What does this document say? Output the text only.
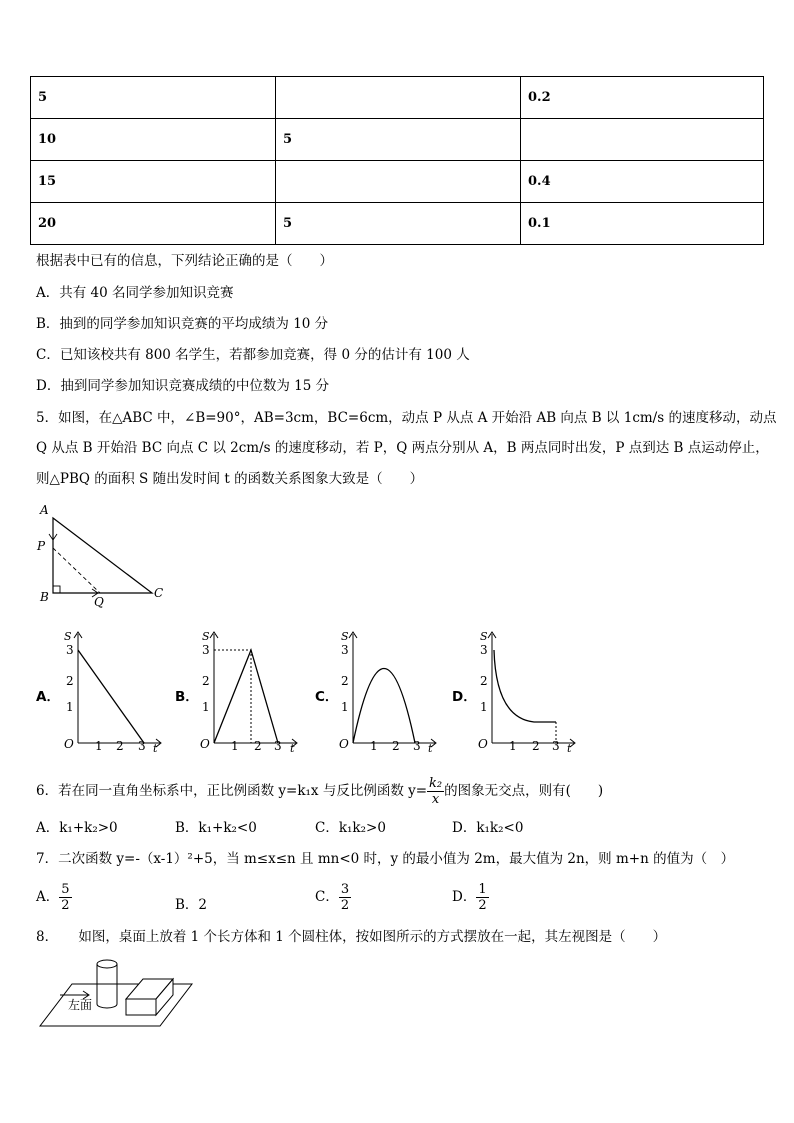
5		0.2
10	5	
15		0.4
20	5	0.1
根据表中已有的信息，下列结论正确的是（　　）
A．共有 40 名同学参加知识竞赛
B．抽到的同学参加知识竞赛的平均成绩为 10 分
C．已知该校共有 800 名学生，若都参加竞赛，得 0 分的估计有 100 人
D．抽到同学参加知识竞赛成绩的中位数为 15 分
5．如图，在△ABC 中，∠B=90°，AB=3cm，BC=6cm，动点 P 从点 A 开始沿 AB 向点 B 以 1cm/s 的速度移动，动点
Q 从点 B 开始沿 BC 向点 C 以 2cm/s 的速度移动，若 P，Q 两点分别从 A，B 两点同时出发，P 点到达 B 点运动停止，
则△PBQ 的面积 S 随出发时间 t 的函数关系图象大致是（　　）
A
P
B	Q
C
A．	B．	C．	D．
S
3
2
1
O 1 2 3 t
S
3
2
1
O 1 2 3 t
S
3
2
1
O 1 2 3 t
S
3
2
1
O 1 2 3 t
6．若在同一直角坐标系中，正比例函数 y=k₁x 与反比例函数 $y= \frac{\text{k₂}}{x}$ 的图象无交点，则有(　　)
A．k₁+k₂>0	B．k₁+k₂<0	C．k₁k₂>0	D．k₁k₂<0
7．二次函数 y=-（x-1）²+5，当 m≤x≤n 且 mn<0 时，y 的最小值为 2m，最大值为 2n，则 m+n 的值为（　）
A． $\frac{5}{2}$	B．2	C． $\frac{3}{2}$	D． $\frac{1}{2}$
8．　　如图，桌面上放着 1 个长方体和 1 个圆柱体，按如图所示的方式摆放在一起，其左视图是（　　）
左面
